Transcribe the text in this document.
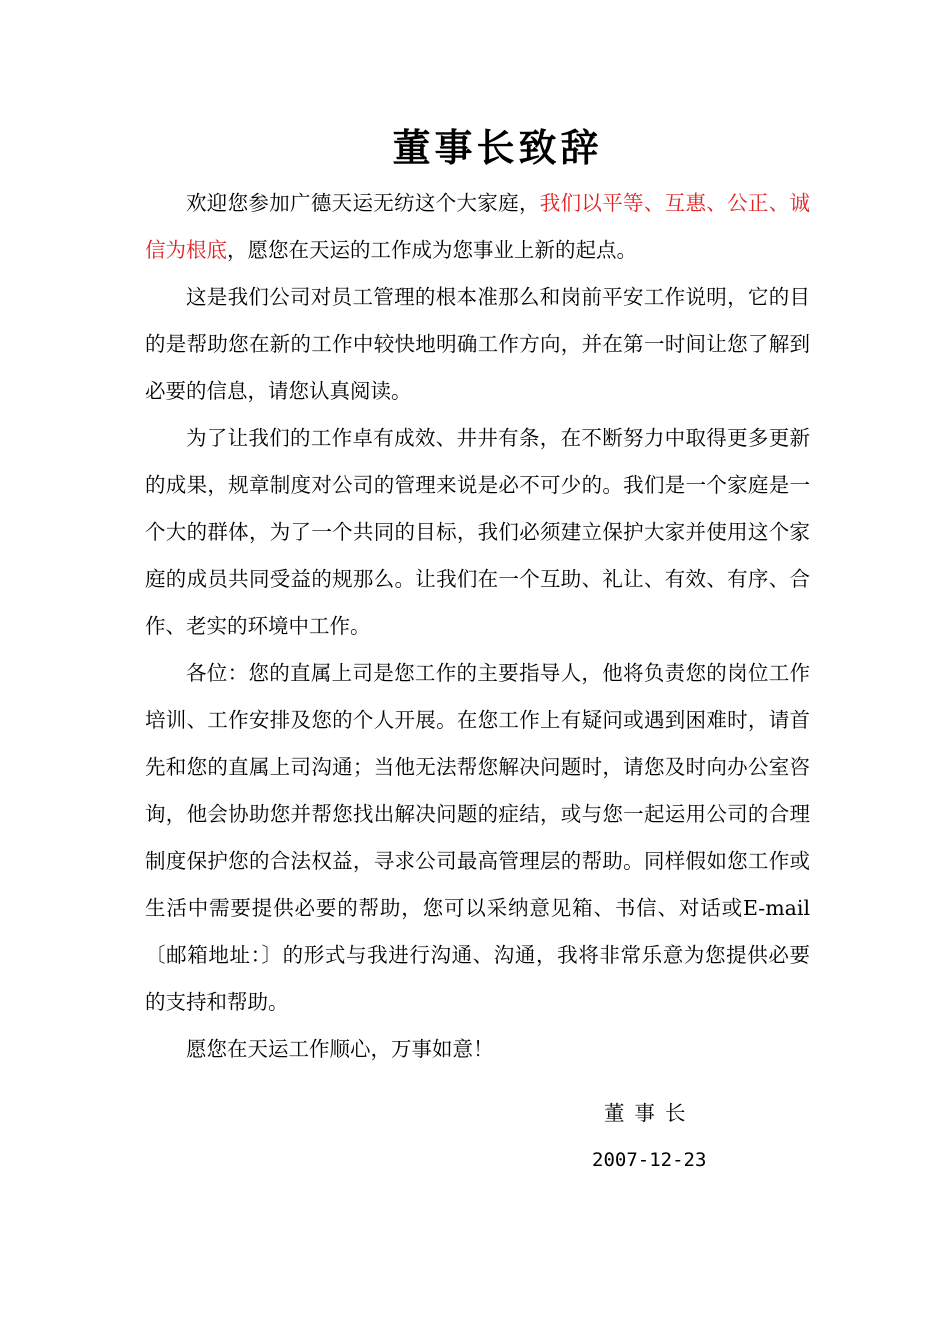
董事长致辞

欢迎您参加广德天运无纺这个大家庭，我们以平等、互惠、公正、诚信为根底，愿您在天运的工作成为您事业上新的起点。

这是我们公司对员工管理的根本准那么和岗前平安工作说明，它的目的是帮助您在新的工作中较快地明确工作方向，并在第一时间让您了解到必要的信息，请您认真阅读。

为了让我们的工作卓有成效、井井有条，在不断努力中取得更多更新的成果，规章制度对公司的管理来说是必不可少的。我们是一个家庭是一个大的群体，为了一个共同的目标，我们必须建立保护大家并使用这个家庭的成员共同受益的规那么。让我们在一个互助、礼让、有效、有序、合作、老实的环境中工作。

各位：您的直属上司是您工作的主要指导人，他将负责您的岗位工作培训、工作安排及您的个人开展。在您工作上有疑问或遇到困难时，请首先和您的直属上司沟通；当他无法帮您解决问题时，请您及时向办公室咨询，他会协助您并帮您找出解决问题的症结，或与您一起运用公司的合理制度保护您的合法权益，寻求公司最高管理层的帮助。同样假如您工作或生活中需要提供必要的帮助，您可以采纳意见箱、书信、对话或E-mail〔邮箱地址：〕的形式与我进行沟通、沟通，我将非常乐意为您提供必要的支持和帮助。

愿您在天运工作顺心，万事如意！

董事长
2007-12-23
